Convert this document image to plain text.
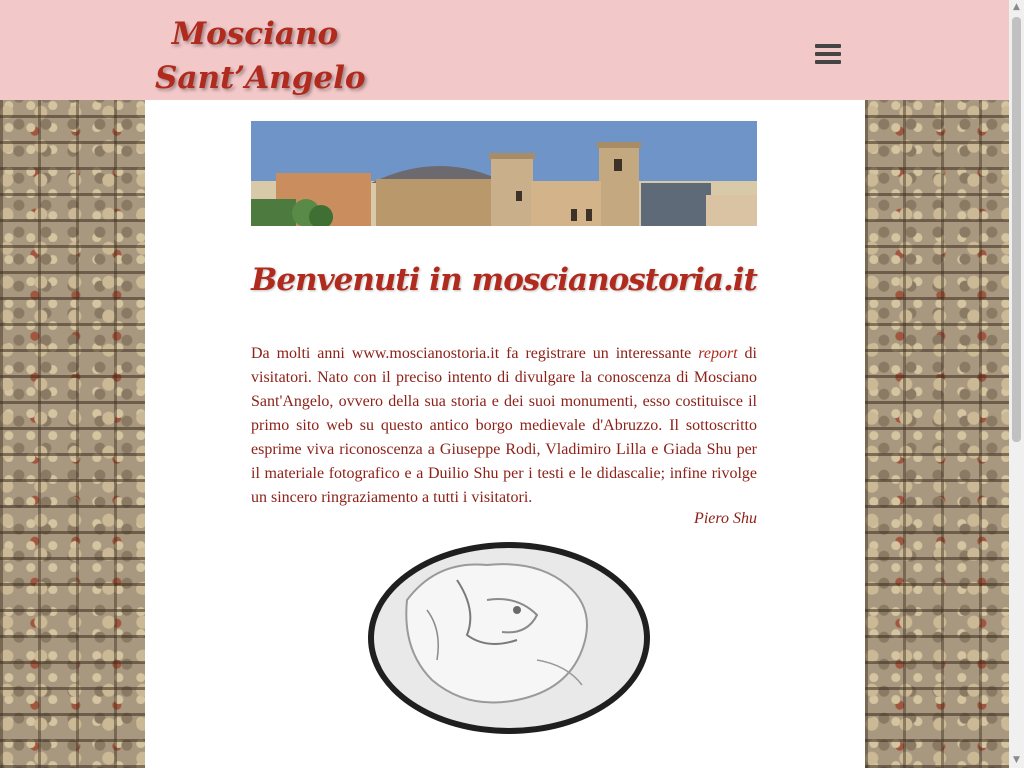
Mosciano
Sant’Angelo
Benvenuti in moscianostoria.it

Da molti anni www.moscianostoria.it fa registrare un interessante report di visitatori. Nato con il preciso intento di divulgare la conoscenza di Mosciano Sant'Angelo, ovvero della sua storia e dei suoi monumenti, esso costituisce il primo sito web su questo antico borgo medievale d'Abruzzo. Il sottoscritto esprime viva riconoscenza a Giuseppe Rodi, Vladimiro Lilla e Giada Shu per il materiale fotografico e a Duilio Shu per i testi e le didascalie; infine rivolge un sincero ringraziamento a tutti i visitatori.

Piero Shu
▲
▼
